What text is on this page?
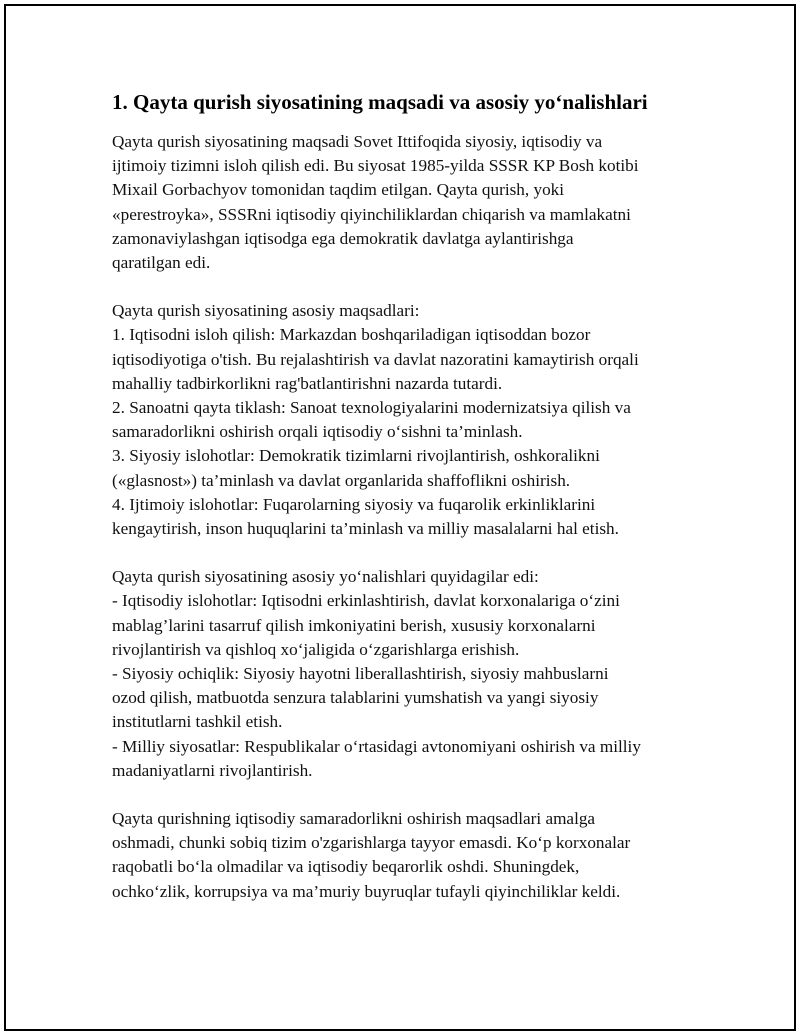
1. Qayta qurish siyosatining maqsadi va asosiy yo‘nalishlari

Qayta qurish siyosatining maqsadi Sovet Ittifoqida siyosiy, iqtisodiy va
ijtimoiy tizimni isloh qilish edi. Bu siyosat 1985-yilda SSSR KP Bosh kotibi
Mixail Gorbachyov tomonidan taqdim etilgan. Qayta qurish, yoki
«perestroyka», SSSRni iqtisodiy qiyinchiliklardan chiqarish va mamlakatni
zamonaviylashgan iqtisodga ega demokratik davlatga aylantirishga
qaratilgan edi.

Qayta qurish siyosatining asosiy maqsadlari:
1. Iqtisodni isloh qilish: Markazdan boshqariladigan iqtisoddan bozor
iqtisodiyotiga o'tish. Bu rejalashtirish va davlat nazoratini kamaytirish orqali
mahalliy tadbirkorlikni rag'batlantirishni nazarda tutardi.
2. Sanoatni qayta tiklash: Sanoat texnologiyalarini modernizatsiya qilish va
samaradorlikni oshirish orqali iqtisodiy o‘sishni ta’minlash.
3. Siyosiy islohotlar: Demokratik tizimlarni rivojlantirish, oshkoralikni
(«glasnost») ta’minlash va davlat organlarida shaffoflikni oshirish.
4. Ijtimoiy islohotlar: Fuqarolarning siyosiy va fuqarolik erkinliklarini
kengaytirish, inson huquqlarini ta’minlash va milliy masalalarni hal etish.

Qayta qurish siyosatining asosiy yo‘nalishlari quyidagilar edi:
- Iqtisodiy islohotlar: Iqtisodni erkinlashtirish, davlat korxonalariga o‘zini
mablag’larini tasarruf qilish imkoniyatini berish, xususiy korxonalarni
rivojlantirish va qishloq xo‘jaligida o‘zgarishlarga erishish.
- Siyosiy ochiqlik: Siyosiy hayotni liberallashtirish, siyosiy mahbuslarni
ozod qilish, matbuotda senzura talablarini yumshatish va yangi siyosiy
institutlarni tashkil etish.
- Milliy siyosatlar: Respublikalar o‘rtasidagi avtonomiyani oshirish va milliy
madaniyatlarni rivojlantirish.

Qayta qurishning iqtisodiy samaradorlikni oshirish maqsadlari amalga
oshmadi, chunki sobiq tizim o'zgarishlarga tayyor emasdi. Ko‘p korxonalar
raqobatli bo‘la olmadilar va iqtisodiy beqarorlik oshdi. Shuningdek,
ochko‘zlik, korrupsiya va ma’muriy buyruqlar tufayli qiyinchiliklar keldi.
